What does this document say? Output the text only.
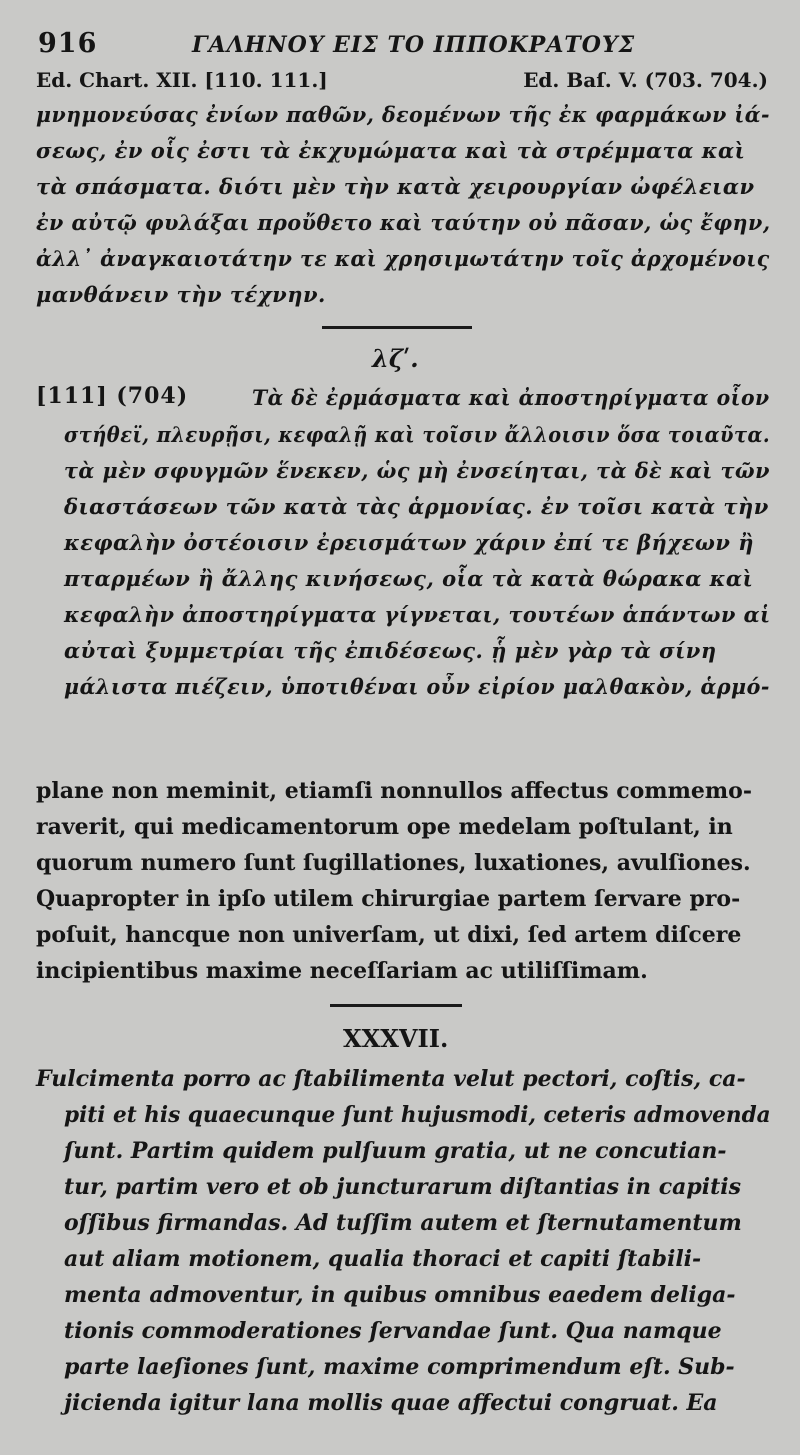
916	ΓΑΛΗΝΟΥ ΕΙΣ ΤΟ ΙΠΠΟΚΡΑΤΟΥΣ
Ed. Chart. XII. [110. 111.]	Ed. Baſ. V. (703. 704.)
μνημονεύσας ἐνίων παθῶν, δεομένων τῆς ἐκ φαρμάκων ἰά-
σεως, ἐν οἷς ἐστι τὰ ἐκχυμώματα καὶ τὰ στρέμματα καὶ
τὰ σπάσματα. διότι μὲν τὴν κατὰ χειρουργίαν ὠφέλειαν
ἐν αὐτῷ φυλάξαι προὔθετο καὶ ταύτην οὐ πᾶσαν, ὡς ἔφην,
ἀλλ᾽ ἀναγκαιοτάτην τε καὶ χρησιμωτάτην τοῖς ἀρχομένοις
μανθάνειν τὴν τέχνην.
λζʹ.
[111] (704)	Τὰ δὲ ἐρμάσματα καὶ ἀποστηρίγματα οἷον
στήθεϊ, πλευρῇσι, κεφαλῇ καὶ τοῖσιν ἄλλοισιν ὅσα τοιαῦτα.
τὰ μὲν σφυγμῶν ἕνεκεν, ὡς μὴ ἐνσείηται, τὰ δὲ καὶ τῶν
διαστάσεων τῶν κατὰ τὰς ἁρμονίας. ἐν τοῖσι κατὰ τὴν
κεφαλὴν ὀστέοισιν ἐρεισμάτων χάριν ἐπί τε βήχεων ἢ
πταρμέων ἢ ἄλλης κινήσεως, οἷα τὰ κατὰ θώρακα καὶ
κεφαλὴν ἀποστηρίγματα γίγνεται, τουτέων ἁπάντων αἱ
αὐταὶ ξυμμετρίαι τῆς ἐπιδέσεως. ᾗ μὲν γὰρ τὰ σίνη
μάλιστα πιέζειν, ὑποτιθέναι οὖν εἰρίον μαλθακὸν, ἁρμό-
plane non meminit, etiamſi nonnullos affectus commemo-
raverit, qui medicamentorum ope medelam poſtulant, in
quorum numero ſunt ſugillationes, luxationes, avulſiones.
Quapropter in ipſo utilem chirurgiae partem ſervare pro-
poſuit, hancque non univerſam, ut dixi, ſed artem diſcere
incipientibus maxime neceſſariam ac utiliſſimam.
XXXVII.
Fulcimenta porro ac ſtabilimenta velut pectori, coſtis, ca-
piti et his quaecunque ſunt hujusmodi, ceteris admovenda
ſunt. Partim quidem pulſuum gratia, ut ne concutian-
tur, partim vero et ob juncturarum diſtantias in capitis
oſſibus firmandas. Ad tuſſim autem et ſternutamentum
aut aliam motionem, qualia thoraci et capiti ſtabili-
menta admoventur, in quibus omnibus eaedem deliga-
tionis commoderationes ſervandae ſunt. Qua namque
parte laeſiones ſunt, maxime comprimendum eſt. Sub-
jicienda igitur lana mollis quae affectui congruat. Ea
